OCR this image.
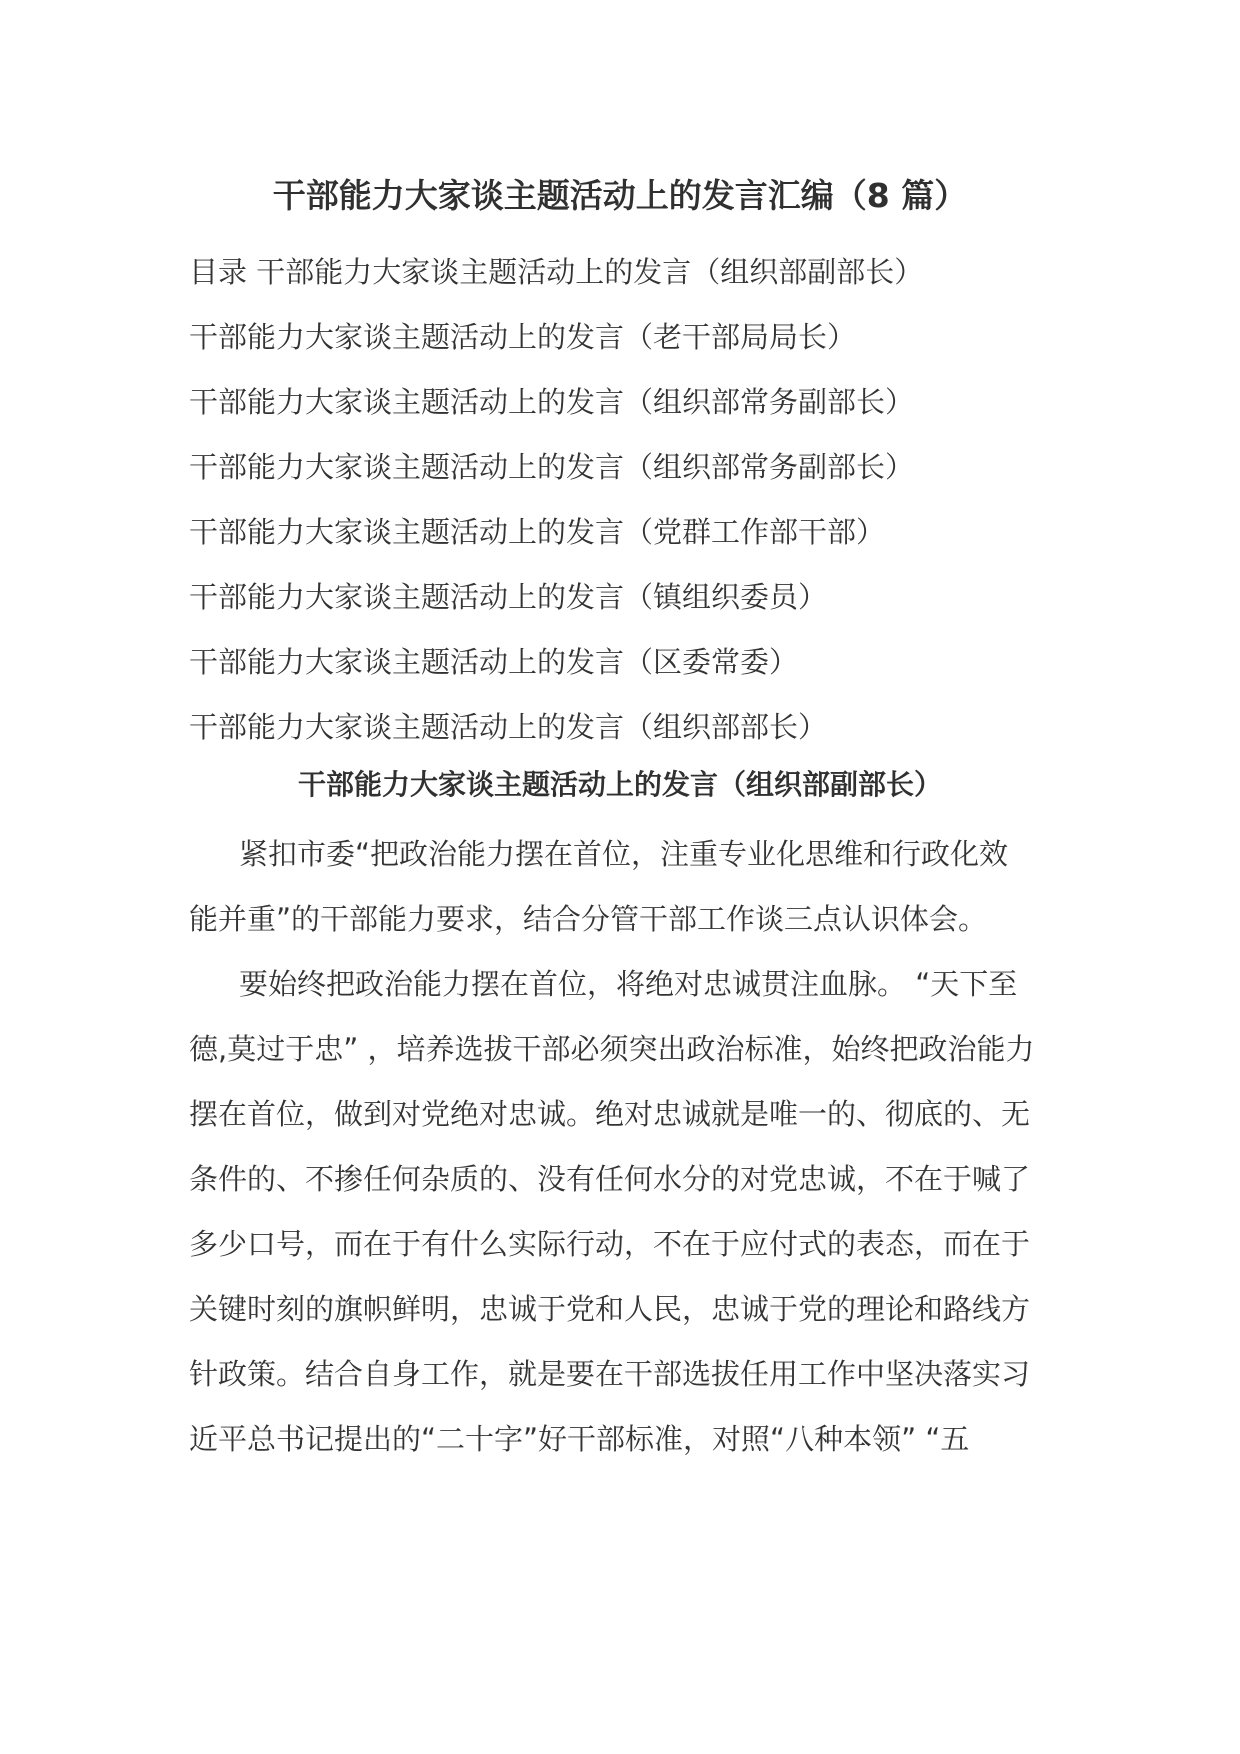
干部能力大家谈主题活动上的发言汇编（8 篇）
目录 干部能力大家谈主题活动上的发言（组织部副部长）
干部能力大家谈主题活动上的发言（老干部局局长）
干部能力大家谈主题活动上的发言（组织部常务副部长）
干部能力大家谈主题活动上的发言（组织部常务副部长）
干部能力大家谈主题活动上的发言（党群工作部干部）
干部能力大家谈主题活动上的发言（镇组织委员）
干部能力大家谈主题活动上的发言（区委常委）
干部能力大家谈主题活动上的发言（组织部部长）
干部能力大家谈主题活动上的发言（组织部副部长）
紧扣市委“把政治能力摆在首位，注重专业化思维和行政化效
能并重”的干部能力要求，结合分管干部工作谈三点认识体会。
要始终把政治能力摆在首位，将绝对忠诚贯注血脉。 “天下至
德,莫过于忠” ，培养选拔干部必须突出政治标准，始终把政治能力
摆在首位，做到对党绝对忠诚。绝对忠诚就是唯一的、彻底的、无
条件的、不掺任何杂质的、没有任何水分的对党忠诚，不在于喊了
多少口号，而在于有什么实际行动，不在于应付式的表态，而在于
关键时刻的旗帜鲜明，忠诚于党和人民，忠诚于党的理论和路线方
针政策。结合自身工作，就是要在干部选拔任用工作中坚决落实习
近平总书记提出的“二十字”好干部标准，对照“八种本领” “五
